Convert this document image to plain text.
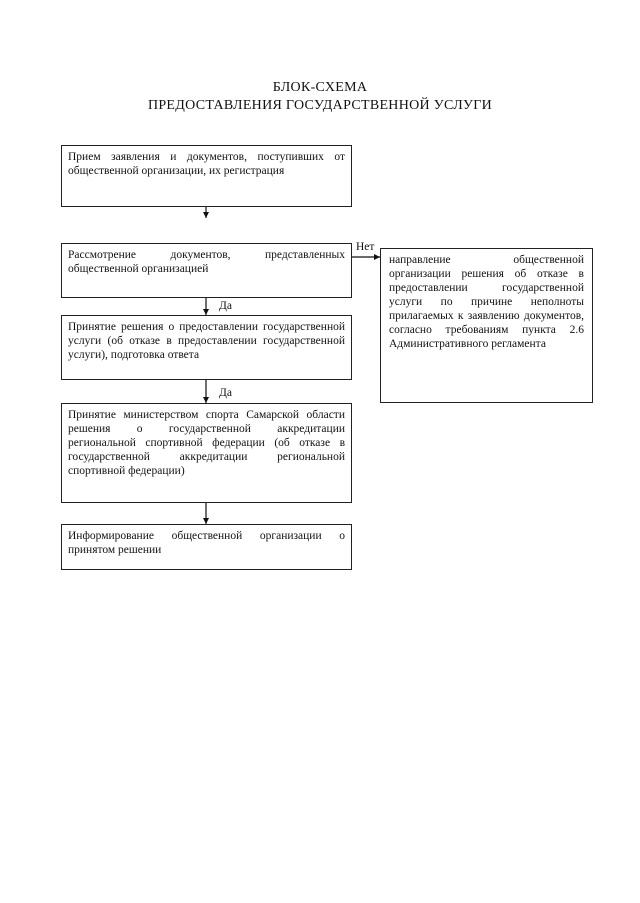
БЛОК-СХЕМА
ПРЕДОСТАВЛЕНИЯ ГОСУДАРСТВЕННОЙ УСЛУГИ
Прием заявления и документов, поступивших от общественной организации, их регистрация
Рассмотрение документов, представленных общественной организацией
Принятие решения о предоставлении государственной услуги (об отказе в предоставлении государственной услуги), подготовка ответа
Принятие министерством спорта Самарской области решения о государственной аккредитации региональной спортивной федерации (об отказе в государственной аккредитации региональной спортивной федерации)
Информирование общественной организации о принятом решении
направление общественной организации решения об отказе в предоставлении государственной услуги по причине неполноты прилагаемых к заявлению документов, согласно требованиям пункта 2.6 Административного регламента
Да
Да
Нет
